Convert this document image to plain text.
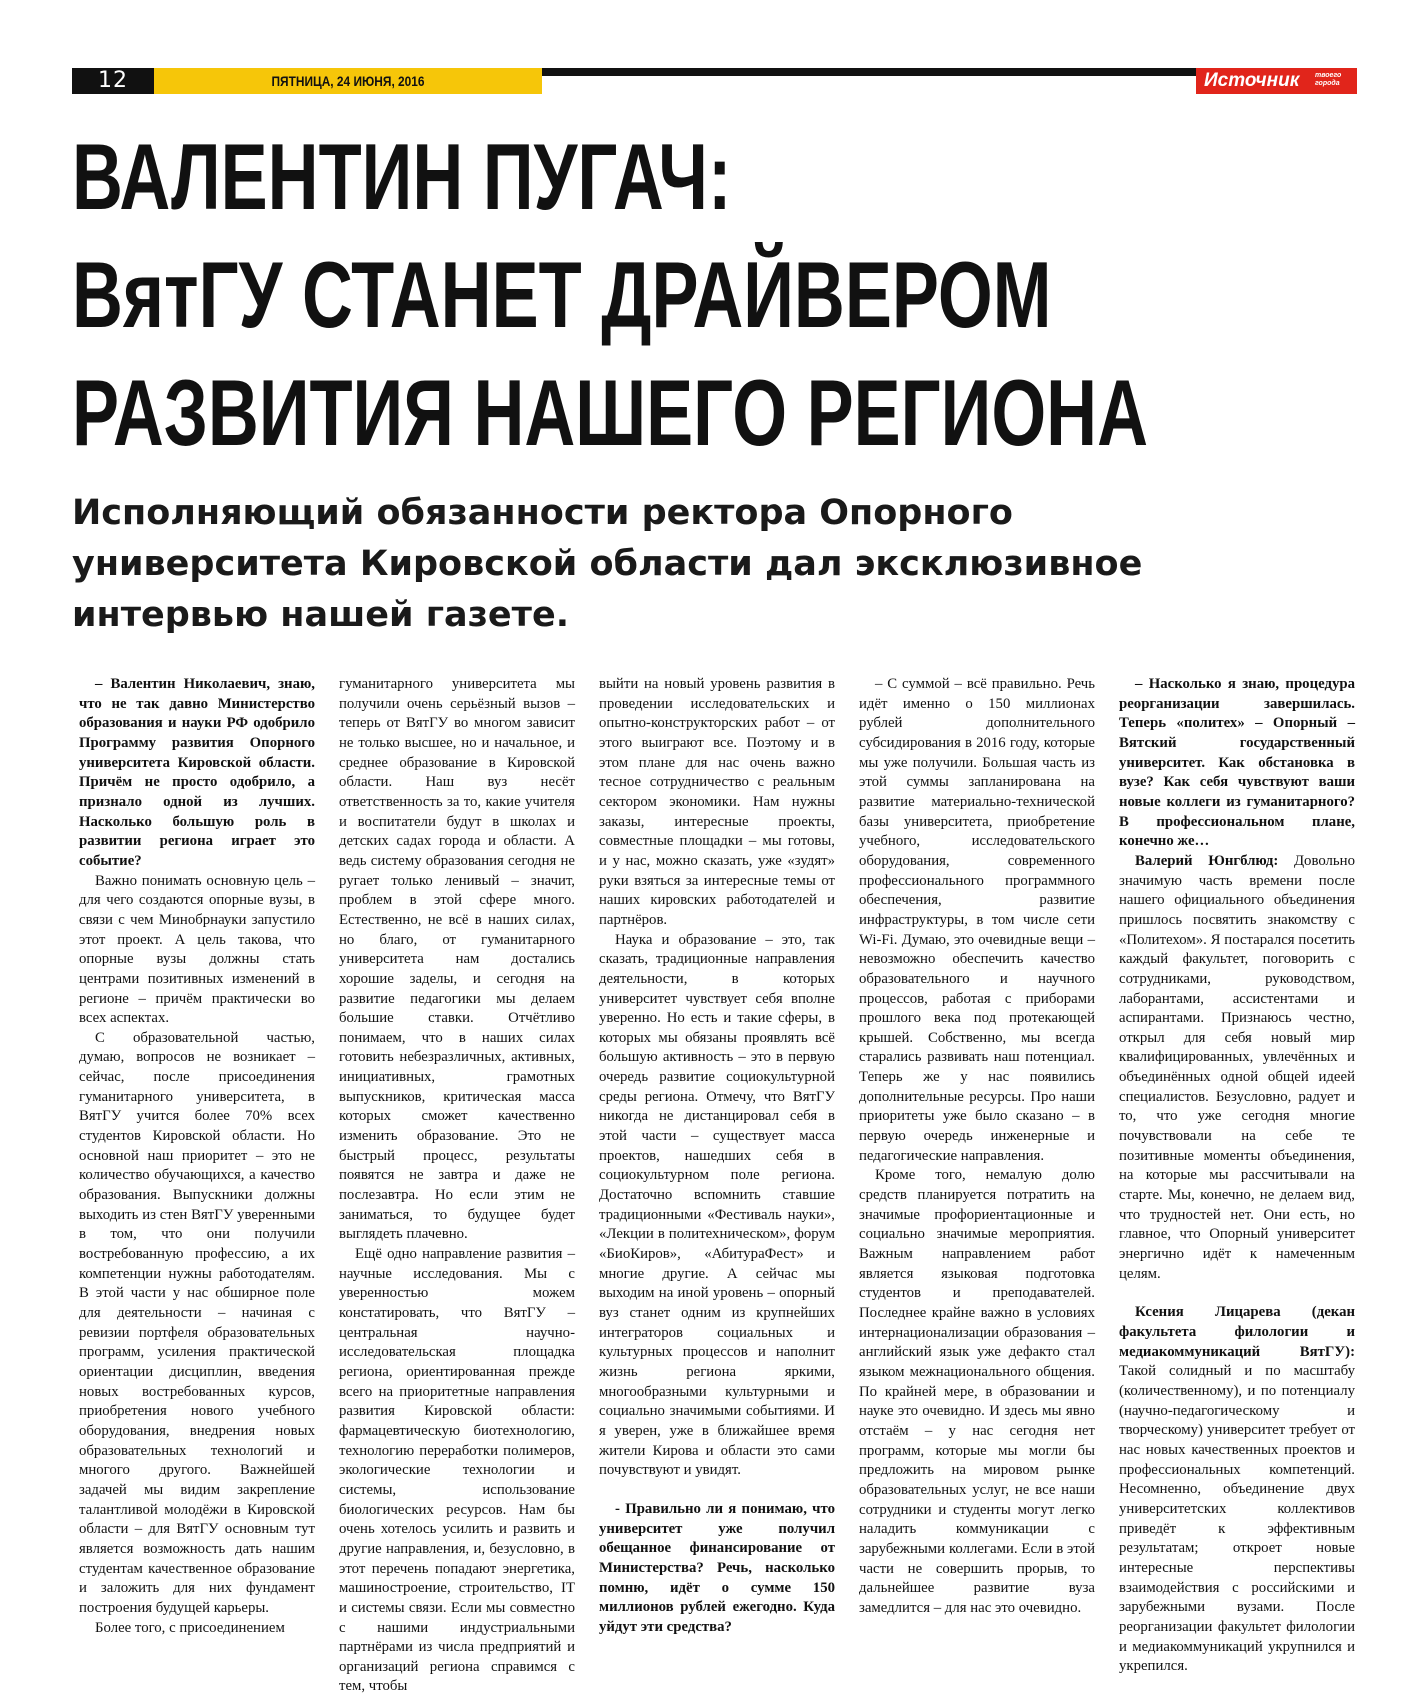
12	ПЯТНИЦА, 24 ИЮНЯ, 2016	Источник твоего
города
ВАЛЕНТИН ПУГАЧ:
ВятГУ СТАНЕТ ДРАЙВЕРОМ
РАЗВИТИЯ НАШЕГО РЕГИОНА
Исполняющий обязанности ректора Опорного
университета Кировской области дал эксклюзивное
интервью нашей газете.

– Валентин Николаевич, знаю, что не так давно Министерство образования и науки РФ одобрило Программу развития Опорного университета Кировской области. Причём не просто одобрило, а признало одной из лучших. Насколько большую роль в развитии региона играет это событие?

Важно понимать основную цель – для чего создаются опорные вузы, в связи с чем Минобрнауки запустило этот проект. А цель такова, что опорные вузы должны стать центрами позитивных изменений в регионе – причём практически во всех аспектах.

С образовательной частью, думаю, вопросов не возникает – сейчас, после присоединения гуманитарного университета, в ВятГУ учится более 70% всех студентов Кировской области. Но основной наш приоритет – это не количество обучающихся, а качество образования. Выпускники должны выходить из стен ВятГУ уверенными в том, что они получили востребованную профессию, а их компетенции нужны работодателям. В этой части у нас обширное поле для деятельности – начиная с ревизии портфеля образовательных программ, усиления практической ориентации дисциплин, введения новых востребованных курсов, приобретения нового учебного оборудования, внедрения новых образовательных технологий и многого другого. Важнейшей задачей мы видим закрепление талантливой молодёжи в Кировской области – для ВятГУ основным тут является возможность дать нашим студентам качественное образование и заложить для них фундамент построения будущей карьеры.

Более того, с присоединением

гуманитарного университета мы получили очень серьёзный вызов – теперь от ВятГУ во многом зависит не только высшее, но и начальное, и среднее образование в Кировской области. Наш вуз несёт ответственность за то, какие учителя и воспитатели будут в школах и детских садах города и области. А ведь систему образования сегодня не ругает только ленивый – значит, проблем в этой сфере много. Естественно, не всё в наших силах, но благо, от гуманитарного университета нам достались хорошие заделы, и сегодня на развитие педагогики мы делаем большие ставки. Отчётливо понимаем, что в наших силах готовить небезразличных, активных, инициативных, грамотных выпускников, критическая масса которых сможет качественно изменить образование. Это не быстрый процесс, результаты появятся не завтра и даже не послезавтра. Но если этим не заниматься, то будущее будет выглядеть плачевно.

Ещё одно направление развития – научные исследования. Мы с уверенностью можем констатировать, что ВятГУ – центральная научно-исследовательская площадка региона, ориентированная прежде всего на приоритетные направления развития Кировской области: фармацевтическую биотехнологию, технологию переработки полимеров, экологические технологии и системы, использование биологических ресурсов. Нам бы очень хотелось усилить и развить и другие направления, и, безусловно, в этот перечень попадают энергетика, машиностроение, строительство, IT и системы связи. Если мы совместно с нашими индустриальными партнёрами из числа предприятий и организаций региона справимся с тем, чтобы

выйти на новый уровень развития в проведении исследовательских и опытно-конструкторских работ – от этого выиграют все. Поэтому и в этом плане для нас очень важно тесное сотрудничество с реальным сектором экономики. Нам нужны заказы, интересные проекты, совместные площадки – мы готовы, и у нас, можно сказать, уже «зудят» руки взяться за интересные темы от наших кировских работодателей и партнёров.

Наука и образование – это, так сказать, традиционные направления деятельности, в которых университет чувствует себя вполне уверенно. Но есть и такие сферы, в которых мы обязаны проявлять всё большую активность – это в первую очередь развитие социокультурной среды региона. Отмечу, что ВятГУ никогда не дистанцировал себя в этой части – существует масса проектов, нашедших себя в социокультурном поле региона. Достаточно вспомнить ставшие традиционными «Фестиваль науки», «Лекции в политехническом», форум «БиоКиров», «АбитураФест» и многие другие. А сейчас мы выходим на иной уровень – опорный вуз станет одним из крупнейших интеграторов социальных и культурных процессов и наполнит жизнь региона яркими, многообразными культурными и социально значимыми событиями. И я уверен, уже в ближайшее время жители Кирова и области это сами почувствуют и увидят.

- Правильно ли я понимаю, что университет уже получил обещанное финансирование от Министерства? Речь, насколько помню, идёт о сумме 150 миллионов рублей ежегодно. Куда уйдут эти средства?

– С суммой – всё правильно. Речь идёт именно о 150 миллионах рублей дополнительного субсидирования в 2016 году, которые мы уже получили. Большая часть из этой суммы запланирована на развитие материально-технической базы университета, приобретение учебного, исследовательского оборудования, современного профессионального программного обеспечения, развитие инфраструктуры, в том числе сети Wi-Fi. Думаю, это очевидные вещи – невозможно обеспечить качество образовательного и научного процессов, работая с приборами прошлого века под протекающей крышей. Собственно, мы всегда старались развивать наш потенциал. Теперь же у нас появились дополнительные ресурсы. Про наши приоритеты уже было сказано – в первую очередь инженерные и педагогические направления.

Кроме того, немалую долю средств планируется потратить на значимые профориентационные и социально значимые мероприятия. Важным направлением работ является языковая подготовка студентов и преподавателей. Последнее крайне важно в условиях интернационализации образования – английский язык уже дефакто стал языком межнационального общения. По крайней мере, в образовании и науке это очевидно. И здесь мы явно отстаём – у нас сегодня нет программ, которые мы могли бы предложить на мировом рынке образовательных услуг, не все наши сотрудники и студенты могут легко наладить коммуникации с зарубежными коллегами. Если в этой части не совершить прорыв, то дальнейшее развитие вуза замедлится – для нас это очевидно.

– Насколько я знаю, процедура реорганизации завершилась. Теперь «политех» – Опорный – Вятский государственный университет. Как обстановка в вузе? Как себя чувствуют ваши новые коллеги из гуманитарного? В профессиональном плане, конечно же…

Валерий Юнгблюд: Довольно значимую часть времени после нашего официального объединения пришлось посвятить знакомству с «Политехом». Я постарался посетить каждый факультет, поговорить с сотрудниками, руководством, лаборантами, ассистентами и аспирантами. Признаюсь честно, открыл для себя новый мир квалифицированных, увлечённых и объединённых одной общей идеей специалистов. Безусловно, радует и то, что уже сегодня многие почувствовали на себе те позитивные моменты объединения, на которые мы рассчитывали на старте. Мы, конечно, не делаем вид, что трудностей нет. Они есть, но главное, что Опорный университет энергично идёт к намеченным целям.

Ксения Лицарева (декан факультета филологии и медиакоммуникаций ВятГУ): Такой солидный и по масштабу (количественному), и по потенциалу (научно-педагогическому и творческому) университет требует от нас новых качественных проектов и профессиональных компетенций. Несомненно, объединение двух университетских коллективов приведёт к эффективным результатам; откроет новые интересные перспективы взаимодействия с российскими и зарубежными вузами. После реорганизации факультет филологии и медиакоммуникаций укрупнился и укрепился.
